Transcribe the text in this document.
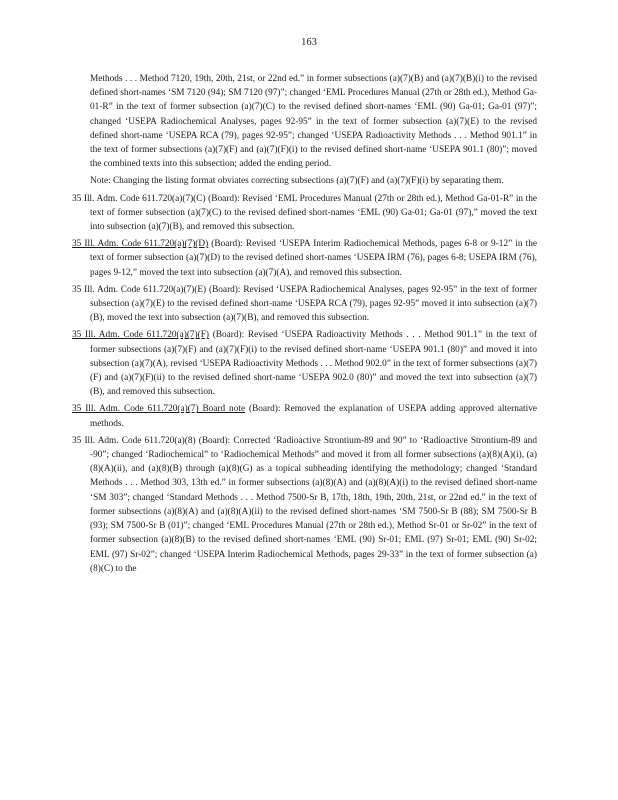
163

Methods . . . Method 7120, 19th, 20th, 21st, or 22nd ed.” in former subsections (a)(7)(B) and (a)(7)(B)(i) to the revised defined short-names ‘SM 7120 (94); SM 7120 (97)”; changed ‘EML Procedures Manual (27th or 28th ed.), Method Ga-01-R” in the text of former subsection (a)(7)(C) to the revised defined short-names ‘EML (90) Ga-01; Ga-01 (97)”; changed ‘USEPA Radiochemical Analyses, pages 92-95” in the text of former subsection (a)(7)(E) to the revised defined short-name ‘USEPA RCA (79), pages 92-95”; changed ‘USEPA Radioactivity Methods . . . Method 901.1” in the text of former subsections (a)(7)(F) and (a)(7)(F)(i) to the revised defined short-name ‘USEPA 901.1 (80)”; moved the combined texts into this subsection; added the ending period.

Note: Changing the listing format obviates correcting subsections (a)(7)(F) and (a)(7)(F)(i) by separating them.

35 Ill. Adm. Code 611.720(a)(7)(C) (Board): Revised ‘EML Procedures Manual (27th or 28th ed.), Method Ga-01-R” in the text of former subsection (a)(7)(C) to the revised defined short-names ‘EML (90) Ga-01; Ga-01 (97),” moved the text into subsection (a)(7)(B), and removed this subsection.
35 Ill. Adm. Code 611.720(a)(7)(D) (Board): Revised ‘USEPA Interim Radiochemical Methods, pages 6-8 or 9-12” in the text of former subsection (a)(7)(D) to the revised defined short-names ‘USEPA IRM (76), pages 6-8; USEPA IRM (76), pages 9-12,” moved the text into subsection (a)(7)(A), and removed this subsection.
35 Ill. Adm. Code 611.720(a)(7)(E) (Board): Revised ‘USEPA Radiochemical Analyses, pages 92-95” in the text of former subsection (a)(7)(E) to the revised defined short-name ‘USEPA RCA (79), pages 92-95” moved it into subsection (a)(7)(B), moved the text into subsection (a)(7)(B), and removed this subsection.
35 Ill. Adm. Code 611.720(a)(7)(F) (Board): Revised ‘USEPA Radioactivity Methods . . . Method 901.1” in the text of former subsections (a)(7)(F) and (a)(7)(F)(i) to the revised defined short-name ‘USEPA 901.1 (80)” and moved it into subsection (a)(7)(A), revised ‘USEPA Radioactivity Methods . . . Method 902.0” in the text of former subsections (a)(7)(F) and (a)(7)(F)(ii) to the revised defined short-name ‘USEPA 902.0 (80)” and moved the text into subsection (a)(7)(B), and removed this subsection.
35 Ill. Adm. Code 611.720(a)(7) Board note (Board): Removed the explanation of USEPA adding approved alternative methods.
35 Ill. Adm. Code 611.720(a)(8) (Board): Corrected ‘Radioactive Strontium-89 and 90” to ‘Radioactive Strontium-89 and -90”; changed ‘Radiochemical” to ‘Radiochemical Methods” and moved it from all former subsections (a)(8)(A)(i), (a)(8)(A)(ii), and (a)(8)(B) through (a)(8)(G) as a topical subheading identifying the methodology; changed ‘Standard Methods . . . Method 303, 13th ed.” in former subsections (a)(8)(A) and (a)(8)(A)(i) to the revised defined short-name ‘SM 303”; changed ‘Standard Methods . . . Method 7500-Sr B, 17th, 18th, 19th, 20th, 21st, or 22nd ed.” in the text of former subsections (a)(8)(A) and (a)(8)(A)(ii) to the revised defined short-names ‘SM 7500-Sr B (88); SM 7500-Sr B (93); SM 7500-Sr B (01)”; changed ‘EML Procedures Manual (27th or 28th ed.), Method Sr-01 or Sr-02” in the text of former subsection (a)(8)(B) to the revised defined short-names ‘EML (90) Sr-01; EML (97) Sr-01; EML (90) Sr-02; EML (97) Sr-02”; changed ‘USEPA Interim Radiochemical Methods, pages 29-33” in the text of former subsection (a)(8)(C) to the
